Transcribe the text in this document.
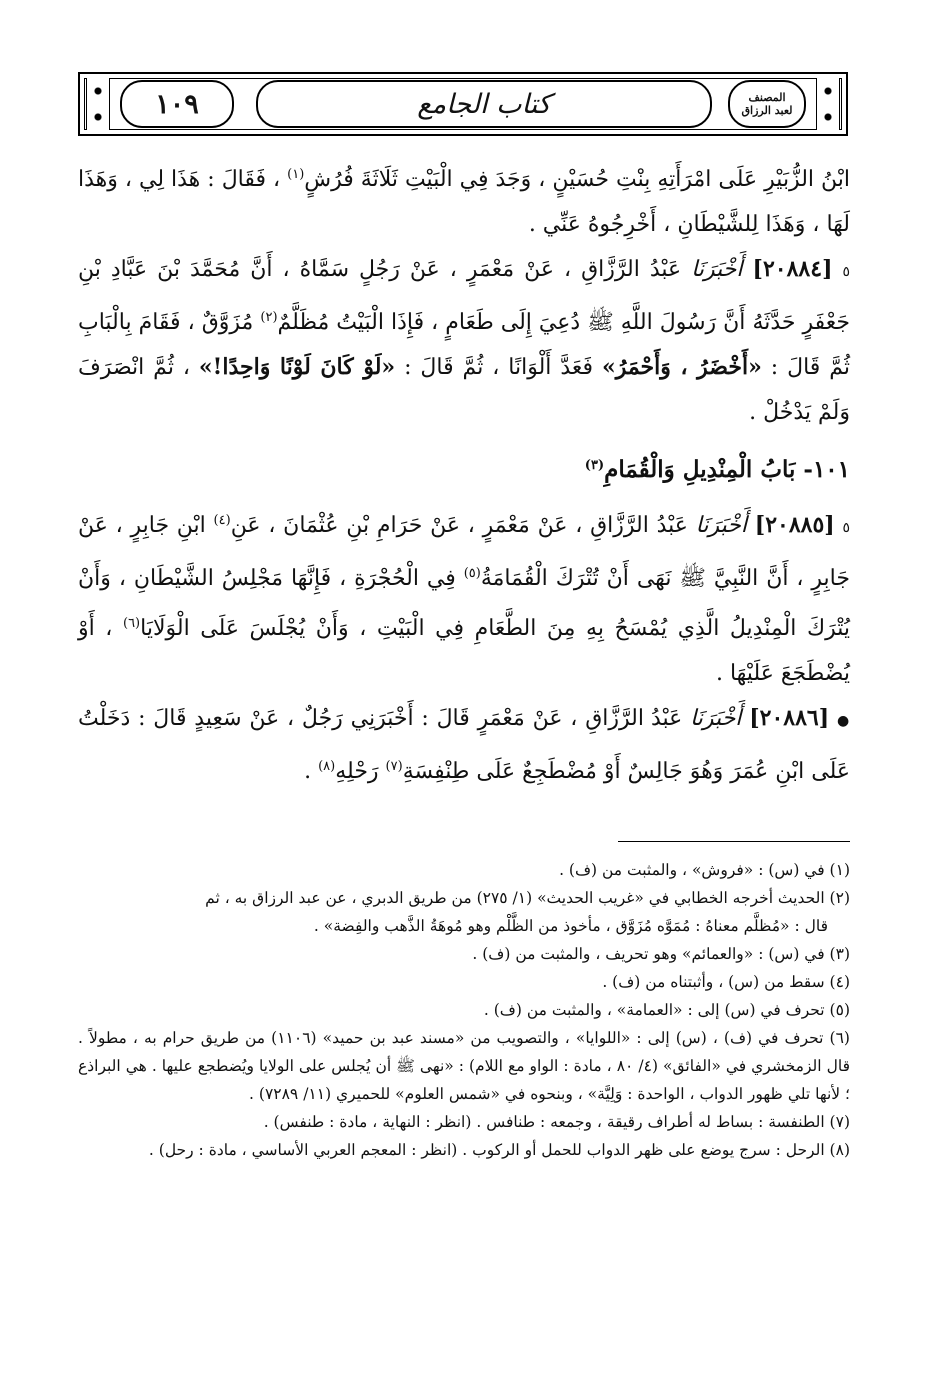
١٠٩	كتاب الجامع	المصنف
لعبد الرزاق

ابْنُ الزُّبَيْرِ عَلَى امْرَأَتِهِ بِنْتِ حُسَيْنٍ ، وَجَدَ فِي الْبَيْتِ ثَلَاثَةَ فُرُشٍ$^{(١)}$ ، فَقَالَ : هَذَا لِي ، وَهَذَا لَهَا ، وَهَذَا لِلشَّيْطَانِ ، أَخْرِجُوهُ عَنِّي .

٥ [٢٠٨٨٤] أَخْبَرَنَا عَبْدُ الرَّزَّاقِ ، عَنْ مَعْمَرٍ ، عَنْ رَجُلٍ سَمَّاهُ ، أَنَّ مُحَمَّدَ بْنَ عَبَّادِ بْنِ جَعْفَرٍ حَدَّثَهُ أَنَّ رَسُولَ اللَّهِ ﷺ دُعِيَ إِلَى طَعَامٍ ، فَإِذَا الْبَيْتُ مُظَلَّمٌ$^{(٢)}$ مُزَوَّقٌ ، فَقَامَ بِالْبَابِ ثُمَّ قَالَ : «أَخْضَرُ ، وَأَحْمَرُ» فَعَدَّ أَلْوَانًا ، ثُمَّ قَالَ : «لَوْ كَانَ لَوْنًا وَاحِدًا!» ، ثُمَّ انْصَرَفَ وَلَمْ يَدْخُلْ .

١٠١- بَابُ الْمِنْدِيلِ وَالْقُمَامِ$^{(٣)}$

٥ [٢٠٨٨٥] أَخْبَرَنَا عَبْدُ الرَّزَّاقِ ، عَنْ مَعْمَرٍ ، عَنْ حَرَامِ بْنِ عُثْمَانَ ، عَنِ$^{(٤)}$ ابْنِ جَابِرٍ ، عَنْ جَابِرٍ ، أَنَّ النَّبِيَّ ﷺ نَهَى أَنْ تُتْرَكَ الْقُمَامَةُ$^{(٥)}$ فِي الْحُجْرَةِ ، فَإِنَّهَا مَجْلِسُ الشَّيْطَانِ ، وَأَنْ يُتْرَكَ الْمِنْدِيلُ الَّذِي يُمْسَحُ بِهِ مِنَ الطَّعَامِ فِي الْبَيْتِ ، وَأَنْ يُجْلَسَ عَلَى الْوَلَايَا$^{(٦)}$ ، أَوْ يُضْطَجَعَ عَلَيْهَا .

● [٢٠٨٨٦] أَخْبَرَنَا عَبْدُ الرَّزَّاقِ ، عَنْ مَعْمَرٍ قَالَ : أَخْبَرَنِي رَجُلٌ ، عَنْ سَعِيدٍ قَالَ : دَخَلْتُ عَلَى ابْنِ عُمَرَ وَهُوَ جَالِسٌ أَوْ مُضْطَجِعٌ عَلَى طِنْفِسَةِ$^{(٧)}$ رَحْلِهِ$^{(٨)}$ .

(١) في (س) : «فروش» ، والمثبت من (ف) .

(٢) الحديث أخرجه الخطابي في «غريب الحديث» (١/ ٢٧٥) من طريق الدبري ، عن عبد الرزاق به ، ثم

قال : «مُظلَّم معناهُ : مُمَوَّه مُزَوَّق ، مأخوذ من الظَّلْم وهو مُوهَةُ الذَّهب والفِضة» .

(٣) في (س) : «والعمائم» وهو تحريف ، والمثبت من (ف) .

(٤) سقط من (س) ، وأثبتناه من (ف) .

(٥) تحرف في (س) إلى : «العمامة» ، والمثبت من (ف) .

(٦) تحرف في (ف) ، (س) إلى : «اللوايا» ، والتصويب من «مسند عبد بن حميد» (١١٠٦) من طريق حرام به ، مطولاً . قال الزمخشري في «الفائق» (٤/ ٨٠ ، مادة : الواو مع اللام) : «نهى ﷺ أن يُجلس على الولايا ويُضطجع عليها . هي البراذع ؛ لأنها تلي ظهور الدواب ، الواحدة : وَلِيَّة» ، وبنحوه في «شمس العلوم» للحميري (١١/ ٧٢٨٩) .

(٧) الطنفسة : بساط له أطراف رقيقة ، وجمعه : طنافس . (انظر : النهاية ، مادة : طنفس) .

(٨) الرحل : سرج يوضع على ظهر الدواب للحمل أو الركوب . (انظر : المعجم العربي الأساسي ، مادة : رحل) .
